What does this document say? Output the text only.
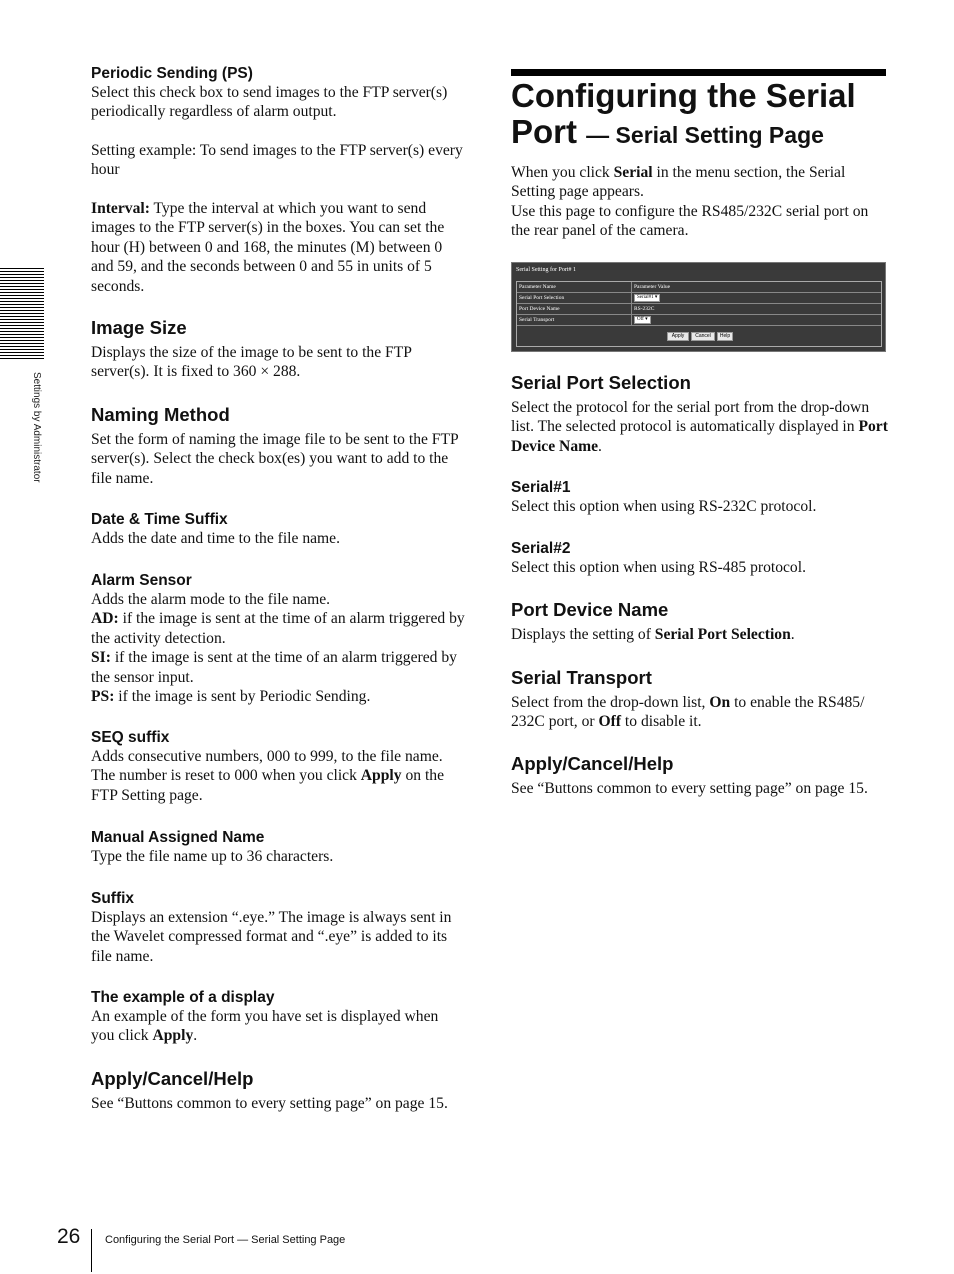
Settings by Administrator
Periodic Sending (PS)

Select this check box to send images to the FTP server(s) periodically regardless of alarm output.

Setting example: To send images to the FTP server(s) every hour

Interval: Type the interval at which you want to send images to the FTP server(s) in the boxes. You can set the hour (H) between 0 and 168, the minutes (M) between 0 and 59, and the seconds between 0 and 55 in units of 5 seconds.

Image Size

Displays the size of the image to be sent to the FTP server(s). It is fixed to 360 × 288.

Naming Method

Set the form of naming the image file to be sent to the FTP server(s). Select the check box(es) you want to add to the file name.

Date & Time Suffix

Adds the date and time to the file name.

Alarm Sensor
Adds the alarm mode to the file name.
AD: if the image is sent at the time of an alarm triggered by the activity detection.
SI: if the image is sent at the time of an alarm triggered by the sensor input.
PS: if the image is sent by Periodic Sending.
SEQ suffix

Adds consecutive numbers, 000 to 999, to the file name. The number is reset to 000 when you click Apply on the FTP Setting page.

Manual Assigned Name

Type the file name up to 36 characters.

Suffix

Displays an extension “.eye.” The image is always sent in the Wavelet compressed format and “.eye” is added to its file name.

The example of a display

An example of the form you have set is displayed when you click Apply.

Apply/Cancel/Help

See “Buttons common to every setting page” on page 15.

Configuring the Serial Port — Serial Setting Page

When you click Serial in the menu section, the Serial Setting page appears.
Use this page to configure the RS485/232C serial port on the rear panel of the camera.

Serial Port Selection

Select the protocol for the serial port from the drop-down list. The selected protocol is automatically displayed in Port Device Name.

Serial#1

Select this option when using RS-232C protocol.

Serial#2

Select this option when using RS-485 protocol.

Port Device Name

Displays the setting of Serial Port Selection.

Serial Transport

Select from the drop-down list, On to enable the RS485/ 232C port, or Off to disable it.

Apply/Cancel/Help

See “Buttons common to every setting page” on page 15.

Serial Setting for Port# 1
Parameter Name	Parameter Value
Serial Port Selection	Serial#1 ▾
Port Device Name	RS-232C
Serial Transport	Off ▾
Apply	Cancel	Help
26 Configuring the Serial Port — Serial Setting Page
